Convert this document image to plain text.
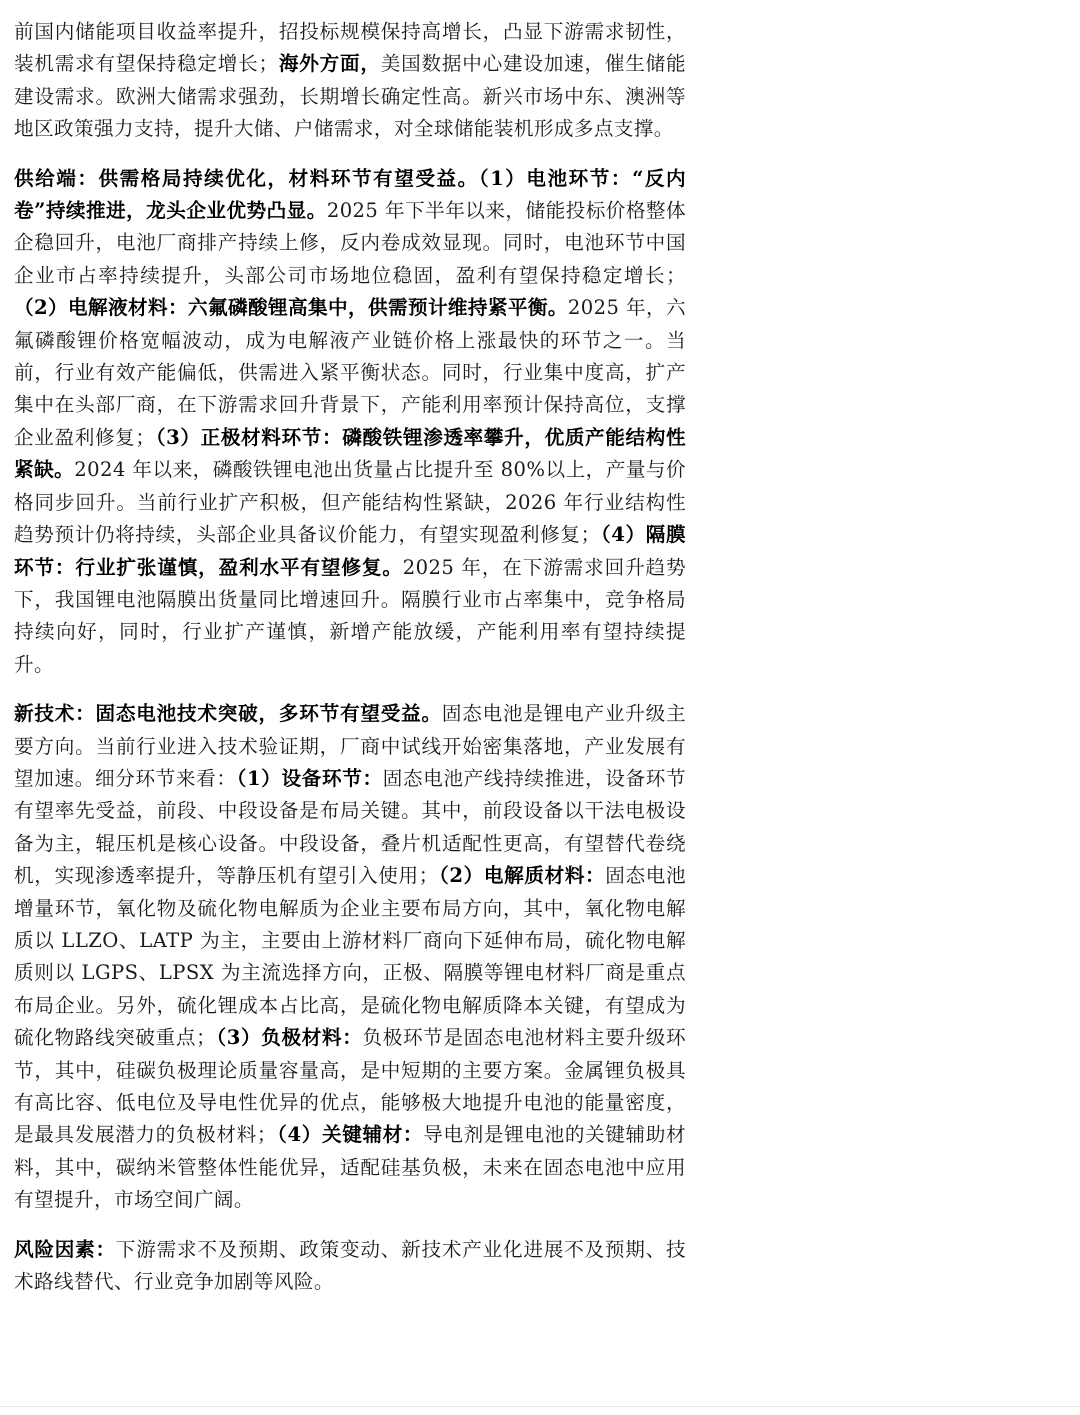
前国内储能项目收益率提升，招投标规模保持高增长，凸显下游需求韧性，装机需求有望保持稳定增长；海外方面，美国数据中心建设加速，催生储能建设需求。欧洲大储需求强劲，长期增长确定性高。新兴市场中东、澳洲等地区政策强力支持，提升大储、户储需求，对全球储能装机形成多点支撑。

供给端：供需格局持续优化，材料环节有望受益。（1）电池环节：“反内卷”持续推进，龙头企业优势凸显。2025 年下半年以来，储能投标价格整体企稳回升，电池厂商排产持续上修，反内卷成效显现。同时，电池环节中国企业市占率持续提升，头部公司市场地位稳固，盈利有望保持稳定增长；（2）电解液材料：六氟磷酸锂高集中，供需预计维持紧平衡。2025 年，六氟磷酸锂价格宽幅波动，成为电解液产业链价格上涨最快的环节之一。当前，行业有效产能偏低，供需进入紧平衡状态。同时，行业集中度高，扩产集中在头部厂商，在下游需求回升背景下，产能利用率预计保持高位，支撑企业盈利修复；（3）正极材料环节：磷酸铁锂渗透率攀升，优质产能结构性紧缺。2024 年以来，磷酸铁锂电池出货量占比提升至 80%以上，产量与价格同步回升。当前行业扩产积极，但产能结构性紧缺，2026 年行业结构性趋势预计仍将持续，头部企业具备议价能力，有望实现盈利修复；（4）隔膜环节：行业扩张谨慎，盈利水平有望修复。2025 年，在下游需求回升趋势下，我国锂电池隔膜出货量同比增速回升。隔膜行业市占率集中，竞争格局持续向好，同时，行业扩产谨慎，新增产能放缓，产能利用率有望持续提升。

新技术：固态电池技术突破，多环节有望受益。固态电池是锂电产业升级主要方向。当前行业进入技术验证期，厂商中试线开始密集落地，产业发展有望加速。细分环节来看：（1）设备环节：固态电池产线持续推进，设备环节有望率先受益，前段、中段设备是布局关键。其中，前段设备以干法电极设备为主，辊压机是核心设备。中段设备，叠片机适配性更高，有望替代卷绕机，实现渗透率提升，等静压机有望引入使用；（2）电解质材料：固态电池增量环节，氧化物及硫化物电解质为企业主要布局方向，其中，氧化物电解质以 LLZO、LATP 为主，主要由上游材料厂商向下延伸布局，硫化物电解质则以 LGPS、LPSX 为主流选择方向，正极、隔膜等锂电材料厂商是重点布局企业。另外，硫化锂成本占比高，是硫化物电解质降本关键，有望成为硫化物路线突破重点；（3）负极材料：负极环节是固态电池材料主要升级环节，其中，硅碳负极理论质量容量高，是中短期的主要方案。金属锂负极具有高比容、低电位及导电性优异的优点，能够极大地提升电池的能量密度，是最具发展潜力的负极材料；（4）关键辅材：导电剂是锂电池的关键辅助材料，其中，碳纳米管整体性能优异，适配硅基负极，未来在固态电池中应用有望提升，市场空间广阔。

风险因素：下游需求不及预期、政策变动、新技术产业化进展不及预期、技术路线替代、行业竞争加剧等风险。
